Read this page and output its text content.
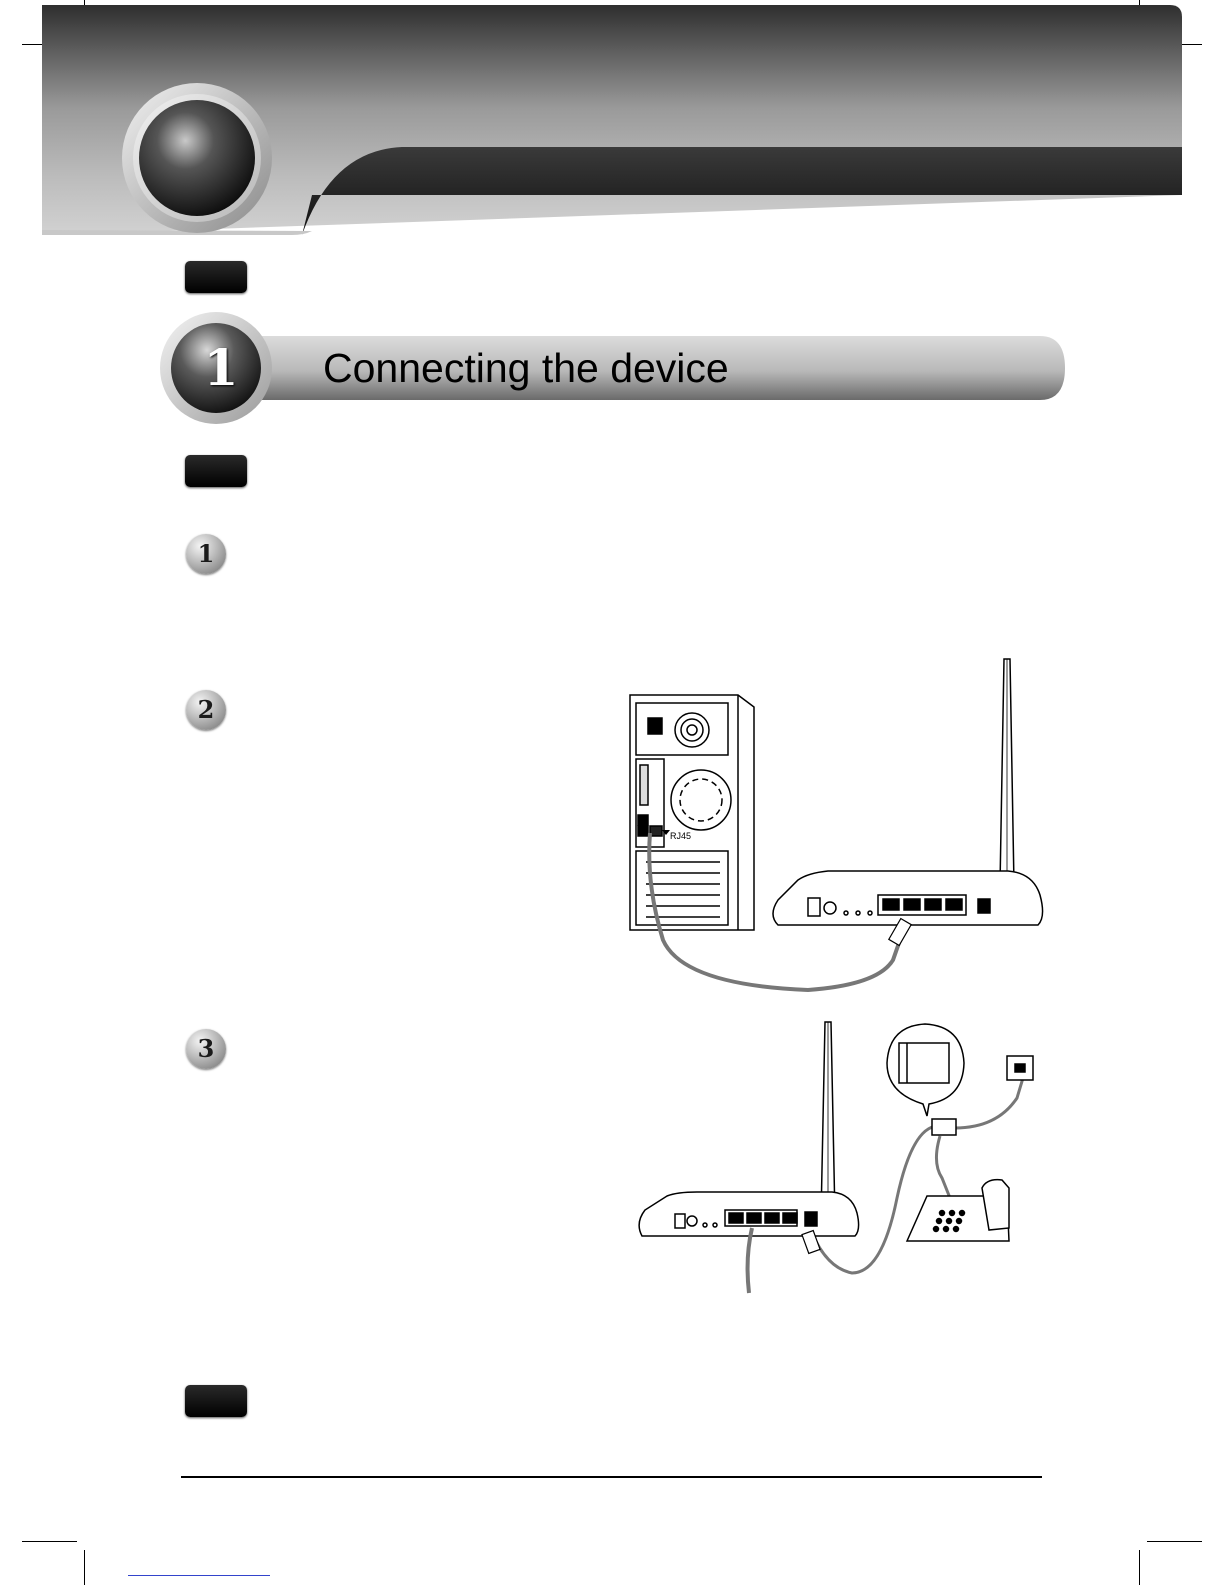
1 Connecting the device
1
2
3
RJ45
